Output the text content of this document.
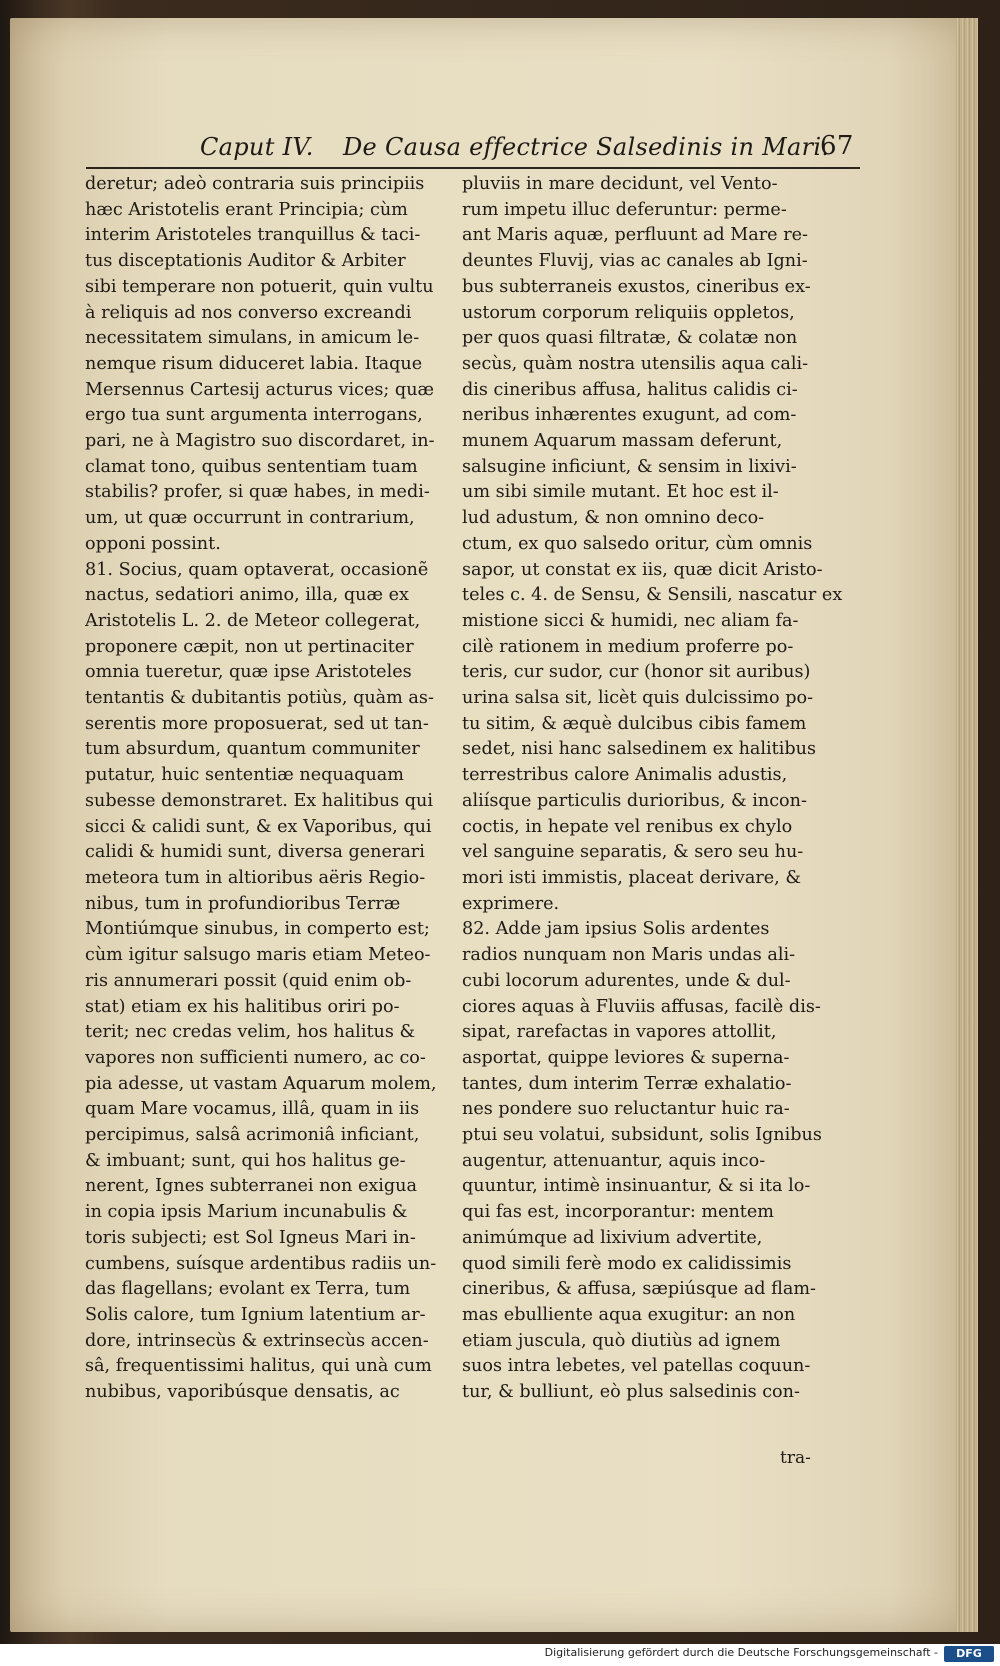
Caput IV. De Causa effectrice Salsedinis in Mari.
67
deretur; adeò contraria suis principiis
hæc Aristotelis erant Principia; cùm
interim Aristoteles tranquillus & taci-
tus disceptationis Auditor & Arbiter
sibi temperare non potuerit, quin vultu
à reliquis ad nos converso excreandi
necessitatem simulans, in amicum le-
nemque risum diduceret labia. Itaque
Mersennus Cartesij acturus vices; quæ
ergo tua sunt argumenta interrogans,
pari, ne à Magistro suo discordaret, in-
clamat tono, quibus sententiam tuam
stabilis? profer, si quæ habes, in medi-
um, ut quæ occurrunt in contrarium,
opponi possint.
81. Socius, quam optaverat, occasionẽ
nactus, sedatiori animo, illa, quæ ex
Aristotelis L. 2. de Meteor collegerat,
proponere cæpit, non ut pertinaciter
omnia tueretur, quæ ipse Aristoteles
tentantis & dubitantis potiùs, quàm as-
serentis more proposuerat, sed ut tan-
tum absurdum, quantum communiter
putatur, huic sententiæ nequaquam
subesse demonstraret. Ex halitibus qui
sicci & calidi sunt, & ex Vaporibus, qui
calidi & humidi sunt, diversa generari
meteora tum in altioribus aëris Regio-
nibus, tum in profundioribus Terræ
Montiúmque sinubus, in comperto est;
cùm igitur salsugo maris etiam Meteo-
ris annumerari possit (quid enim ob-
stat) etiam ex his halitibus oriri po-
terit; nec credas velim, hos halitus &
vapores non sufficienti numero, ac co-
pia adesse, ut vastam Aquarum molem,
quam Mare vocamus, illâ, quam in iis
percipimus, salsâ acrimoniâ inficiant,
& imbuant; sunt, qui hos halitus ge-
nerent, Ignes subterranei non exigua
in copia ipsis Marium incunabulis &
toris subjecti; est Sol Igneus Mari in-
cumbens, suísque ardentibus radiis un-
das flagellans; evolant ex Terra, tum
Solis calore, tum Ignium latentium ar-
dore, intrinsecùs & extrinsecùs accen-
sâ, frequentissimi halitus, qui unà cum
nubibus, vaporibúsque densatis, ac
pluviis in mare decidunt, vel Vento-
rum impetu illuc deferuntur: perme-
ant Maris aquæ, perfluunt ad Mare re-
deuntes Fluvij, vias ac canales ab Igni-
bus subterraneis exustos, cineribus ex-
ustorum corporum reliquiis oppletos,
per quos quasi filtratæ, & colatæ non
secùs, quàm nostra utensilis aqua cali-
dis cineribus affusa, halitus calidis ci-
neribus inhærentes exugunt, ad com-
munem Aquarum massam deferunt,
salsugine inficiunt, & sensim in lixivi-
um sibi simile mutant. Et hoc est il-
lud adustum, & non omnino deco-
ctum, ex quo salsedo oritur, cùm omnis
sapor, ut constat ex iis, quæ dicit Aristo-
teles c. 4. de Sensu, & Sensili, nascatur ex
mistione sicci & humidi, nec aliam fa-
cilè rationem in medium proferre po-
teris, cur sudor, cur (honor sit auribus)
urina salsa sit, licèt quis dulcissimo po-
tu sitim, & æquè dulcibus cibis famem
sedet, nisi hanc salsedinem ex halitibus
terrestribus calore Animalis adustis,
aliísque particulis durioribus, & incon-
coctis, in hepate vel renibus ex chylo
vel sanguine separatis, & sero seu hu-
mori isti immistis, placeat derivare, &
exprimere.
82. Adde jam ipsius Solis ardentes
radios nunquam non Maris undas ali-
cubi locorum adurentes, unde & dul-
ciores aquas à Fluviis affusas, facilè dis-
sipat, rarefactas in vapores attollit,
asportat, quippe leviores & superna-
tantes, dum interim Terræ exhalatio-
nes pondere suo reluctantur huic ra-
ptui seu volatui, subsidunt, solis Ignibus
augentur, attenuantur, aquis inco-
quuntur, intimè insinuantur, & si ita lo-
qui fas est, incorporantur: mentem
animúmque ad lixivium advertite,
quod simili ferè modo ex calidissimis
cineribus, & affusa, sæpiúsque ad flam-
mas ebulliente aqua exugitur: an non
etiam juscula, quò diutiùs ad ignem
suos intra lebetes, vel patellas coquun-
tur, & bulliunt, eò plus salsedinis con-
tra-
Digitalisierung gefördert durch die Deutsche Forschungsgemeinschaft -	DFG
